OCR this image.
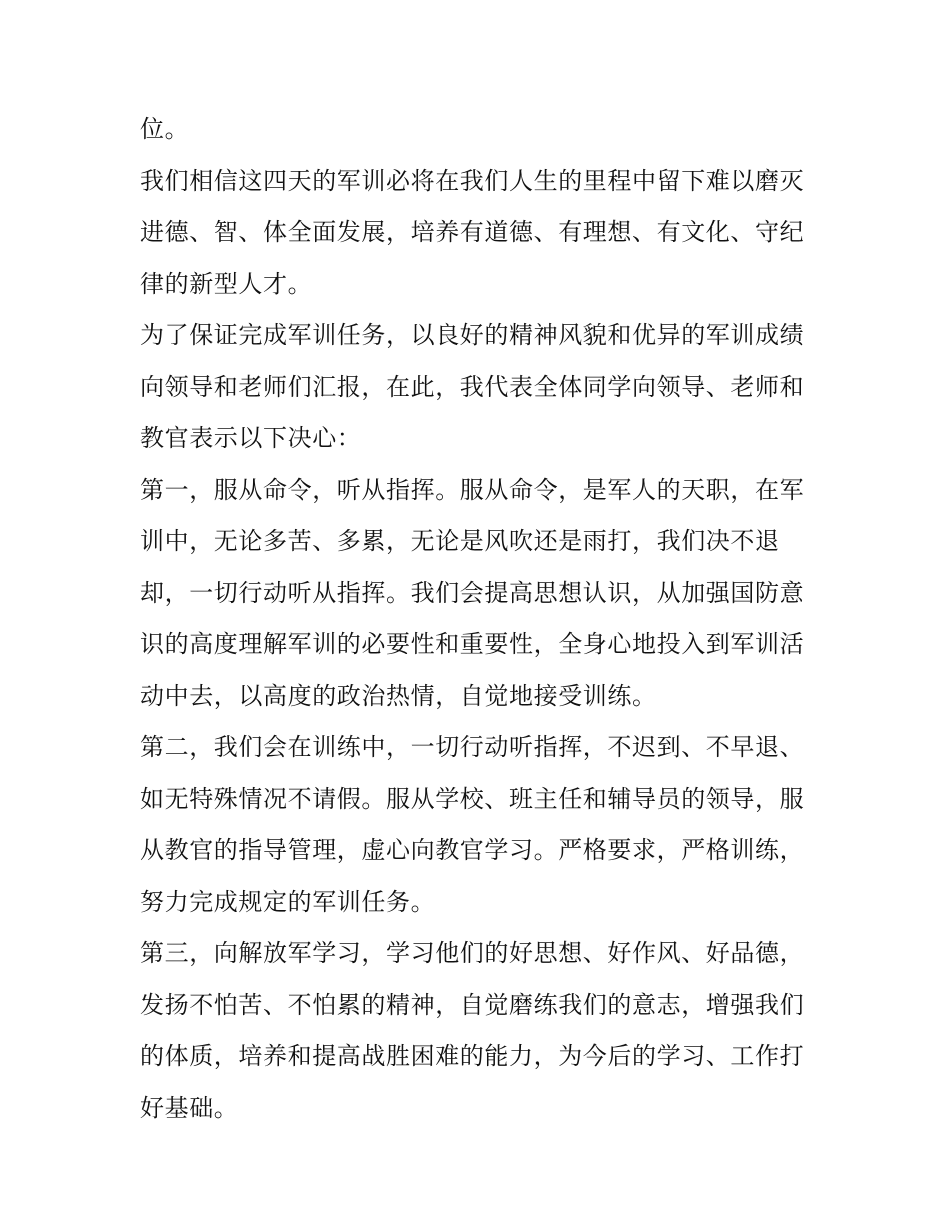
位。
我们相信这四天的军训必将在我们人生的里程中留下难以磨灭
进德、智、体全面发展，培养有道德、有理想、有文化、守纪
律的新型人才。
为了保证完成军训任务，以良好的精神风貌和优异的军训成绩
向领导和老师们汇报，在此，我代表全体同学向领导、老师和
教官表示以下决心：
第一，服从命令，听从指挥。服从命令，是军人的天职，在军
训中，无论多苦、多累，无论是风吹还是雨打，我们决不退
却，一切行动听从指挥。我们会提高思想认识，从加强国防意
识的高度理解军训的必要性和重要性，全身心地投入到军训活
动中去，以高度的政治热情，自觉地接受训练。
第二，我们会在训练中，一切行动听指挥，不迟到、不早退、
如无特殊情况不请假。服从学校、班主任和辅导员的领导，服
从教官的指导管理，虚心向教官学习。严格要求，严格训练，
努力完成规定的军训任务。
第三，向解放军学习，学习他们的好思想、好作风、好品德，
发扬不怕苦、不怕累的精神，自觉磨练我们的意志，增强我们
的体质，培养和提高战胜困难的能力，为今后的学习、工作打
好基础。
